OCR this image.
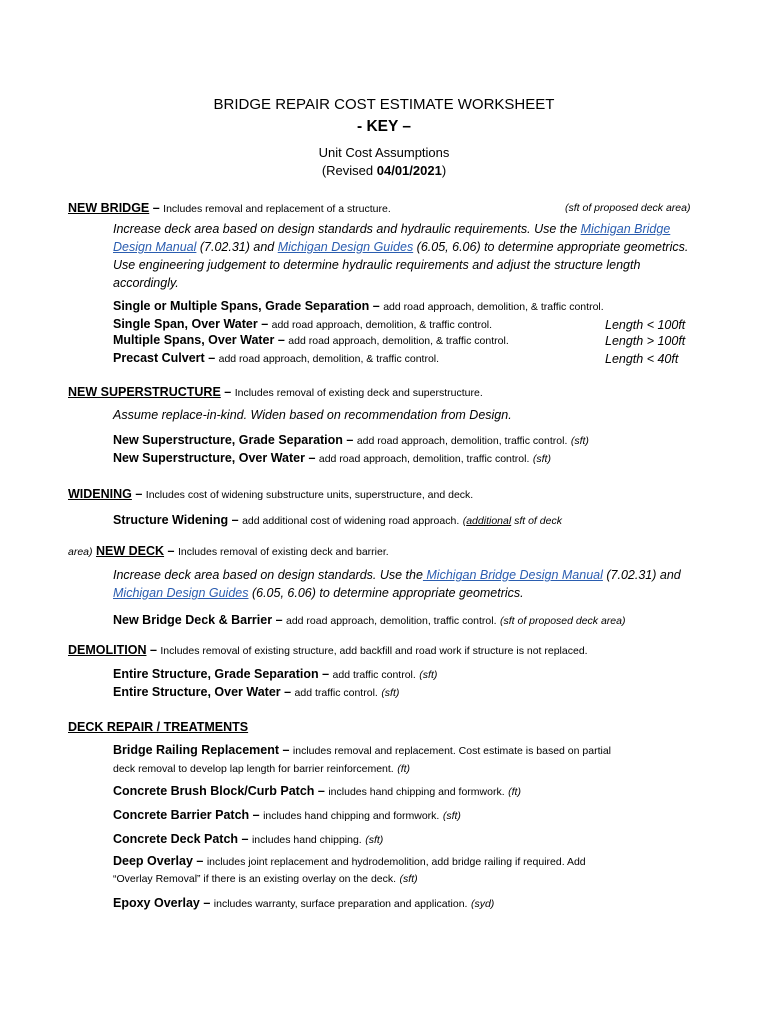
BRIDGE REPAIR COST ESTIMATE WORKSHEET
- KEY –
Unit Cost Assumptions
(Revised 04/01/2021)
NEW BRIDGE – Includes removal and replacement of a structure.	(sft of proposed deck area)
Increase deck area based on design standards and hydraulic requirements. Use the Michigan Bridge
Design Manual (7.02.31) and Michigan Design Guides (6.05, 6.06) to determine appropriate geometrics.
Use engineering judgement to determine hydraulic requirements and adjust the structure length
accordingly.
Single or Multiple Spans, Grade Separation – add road approach, demolition, & traffic control.
Single Span, Over Water – add road approach, demolition, & traffic control.	Length < 100ft
Multiple Spans, Over Water – add road approach, demolition, & traffic control.	Length > 100ft
Precast Culvert – add road approach, demolition, & traffic control.	Length < 40ft
NEW SUPERSTRUCTURE – Includes removal of existing deck and superstructure.
Assume replace-in-kind. Widen based on recommendation from Design.
New Superstructure, Grade Separation – add road approach, demolition, traffic control. (sft)
New Superstructure, Over Water – add road approach, demolition, traffic control. (sft)
WIDENING – Includes cost of widening substructure units, superstructure, and deck.
Structure Widening – add additional cost of widening road approach. (additional sft of deck
area) NEW DECK – Includes removal of existing deck and barrier.
Increase deck area based on design standards. Use the Michigan Bridge Design Manual (7.02.31) and
Michigan Design Guides (6.05, 6.06) to determine appropriate geometrics.
New Bridge Deck & Barrier – add road approach, demolition, traffic control. (sft of proposed deck area)
DEMOLITION – Includes removal of existing structure, add backfill and road work if structure is not replaced.
Entire Structure, Grade Separation – add traffic control. (sft)
Entire Structure, Over Water – add traffic control. (sft)
DECK REPAIR / TREATMENTS
Bridge Railing Replacement – includes removal and replacement. Cost estimate is based on partial
deck removal to develop lap length for barrier reinforcement. (ft)
Concrete Brush Block/Curb Patch – includes hand chipping and formwork. (ft)
Concrete Barrier Patch – includes hand chipping and formwork. (sft)
Concrete Deck Patch – includes hand chipping. (sft)
Deep Overlay – includes joint replacement and hydrodemolition, add bridge railing if required. Add
“Overlay Removal” if there is an existing overlay on the deck. (sft)
Epoxy Overlay – includes warranty, surface preparation and application. (syd)
